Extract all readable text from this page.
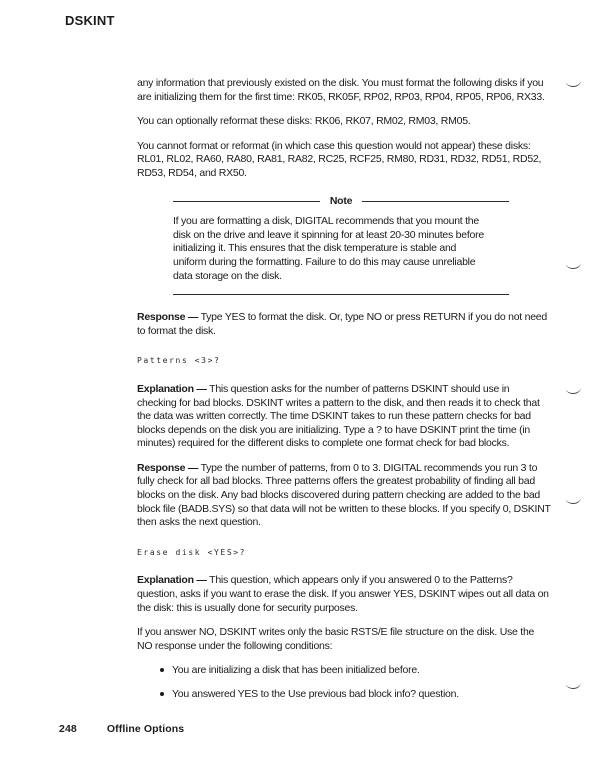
DSKINT

any information that previously existed on the disk. You must format the following disks if you are initializing them for the first time: RK05, RK05F, RP02, RP03, RP04, RP05, RP06, RX33.

You can optionally reformat these disks: RK06, RK07, RM02, RM03, RM05.

You cannot format or reformat (in which case this question would not appear) these disks: RL01, RL02, RA60, RA80, RA81, RA82, RC25, RCF25, RM80, RD31, RD32, RD51, RD52, RD53, RD54, and RX50.

Note

If you are formatting a disk, DIGITAL recommends that you mount the disk on the drive and leave it spinning for at least 20-30 minutes before initializing it. This ensures that the disk temperature is stable and uniform during the formatting. Failure to do this may cause unreliable data storage on the disk.

Response — Type YES to format the disk. Or, type NO or press RETURN if you do not need to format the disk.

Patterns <3>?

Explanation — This question asks for the number of patterns DSKINT should use in checking for bad blocks. DSKINT writes a pattern to the disk, and then reads it to check that the data was written correctly. The time DSKINT takes to run these pattern checks for bad blocks depends on the disk you are initializing. Type a ? to have DSKINT print the time (in minutes) required for the different disks to complete one format check for bad blocks.

Response — Type the number of patterns, from 0 to 3. DIGITAL recommends you run 3 to fully check for all bad blocks. Three patterns offers the greatest probability of finding all bad blocks on the disk. Any bad blocks discovered during pattern checking are added to the bad block file (BADB.SYS) so that data will not be written to these blocks. If you specify 0, DSKINT then asks the next question.

Erase disk <YES>?

Explanation — This question, which appears only if you answered 0 to the Patterns? question, asks if you want to erase the disk. If you answer YES, DSKINT wipes out all data on the disk: this is usually done for security purposes.

If you answer NO, DSKINT writes only the basic RSTS/E file structure on the disk. Use the NO response under the following conditions:

You are initializing a disk that has been initialized before.
You answered YES to the Use previous bad block info? question.
248	Offline Options
